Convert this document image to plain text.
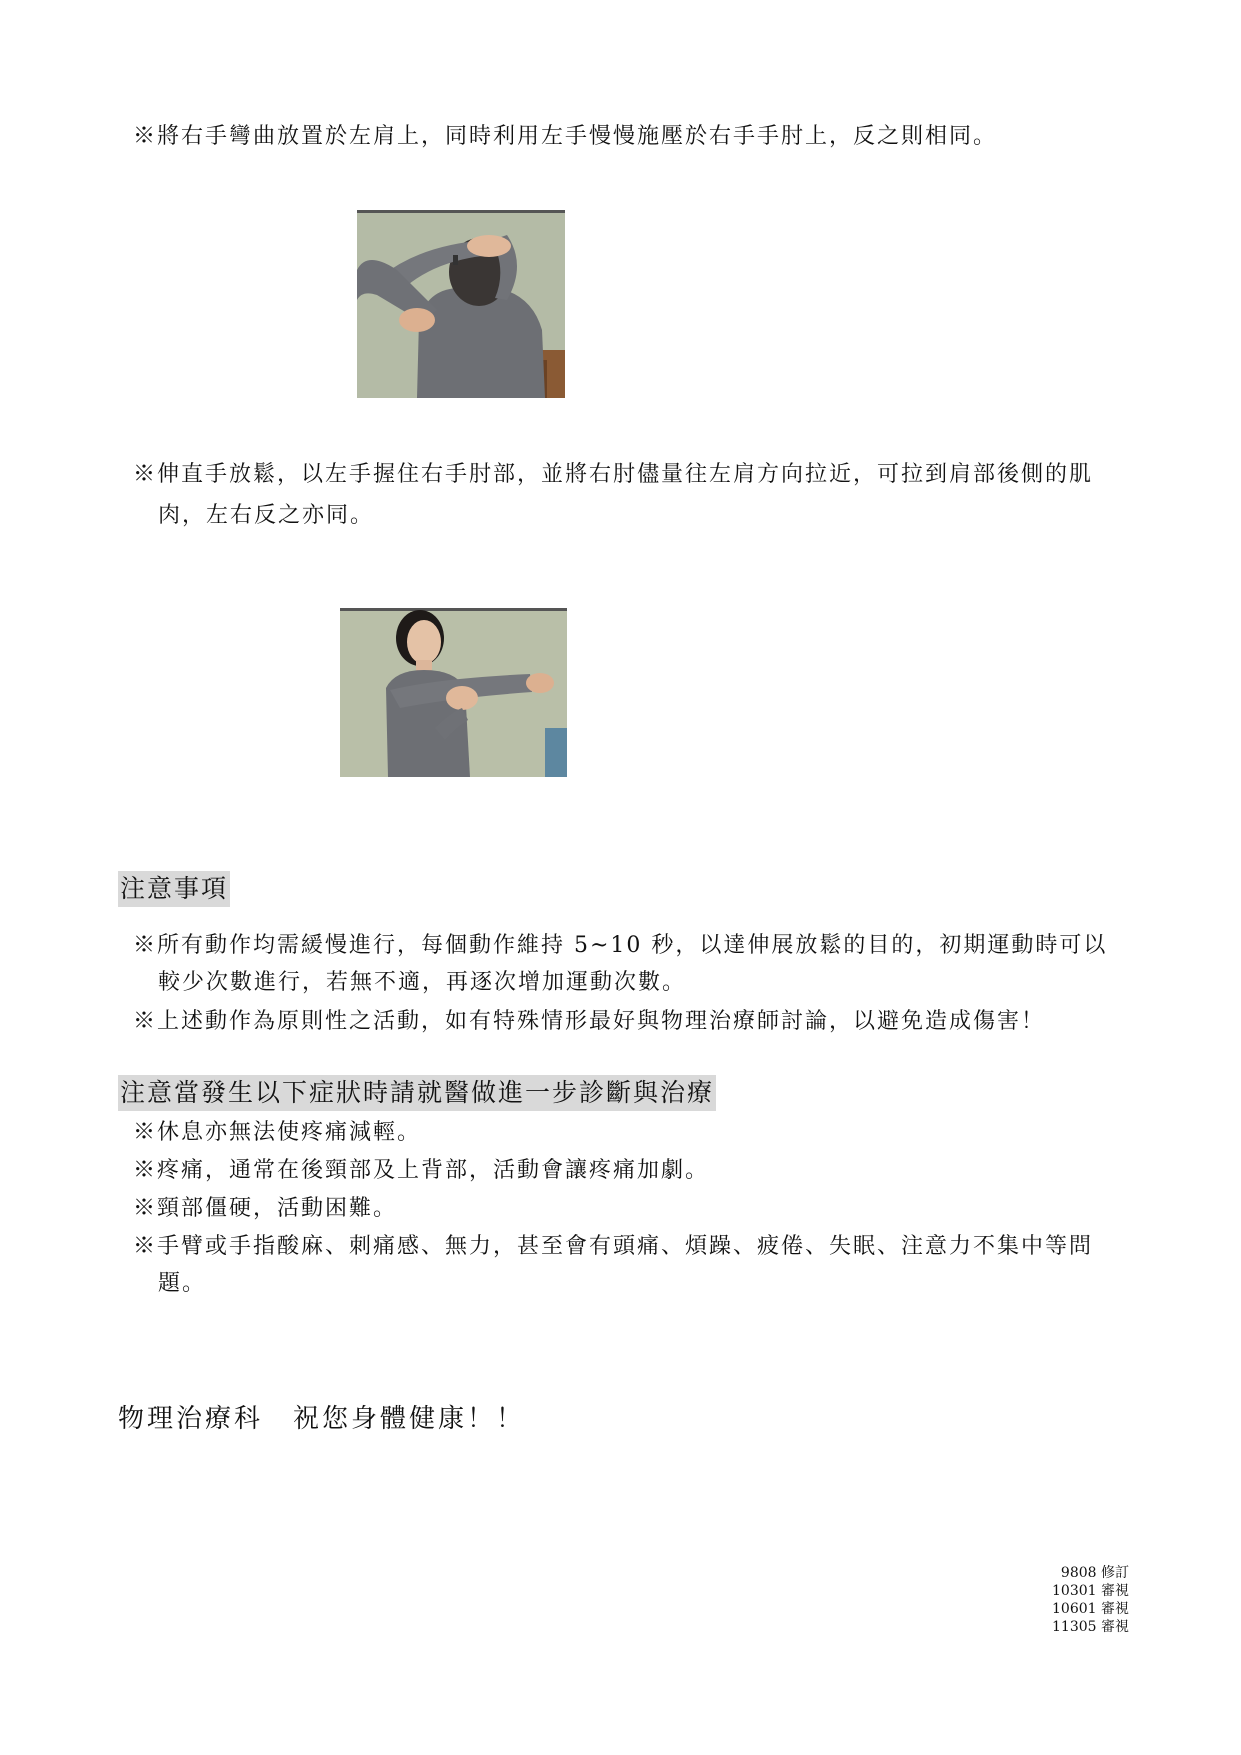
※將右手彎曲放置於左肩上，同時利用左手慢慢施壓於右手手肘上，反之則相同。
※伸直手放鬆，以左手握住右手肘部，並將右肘儘量往左肩方向拉近，可拉到肩部後側的肌
肉，左右反之亦同。
注意事項
※所有動作均需緩慢進行，每個動作維持 5~10 秒，以達伸展放鬆的目的，初期運動時可以
較少次數進行，若無不適，再逐次增加運動次數。
※上述動作為原則性之活動，如有特殊情形最好與物理治療師討論，以避免造成傷害！
注意當發生以下症狀時請就醫做進一步診斷與治療
※休息亦無法使疼痛減輕。
※疼痛，通常在後頸部及上背部，活動會讓疼痛加劇。
※頸部僵硬，活動困難。
※手臂或手指酸麻、刺痛感、無力，甚至會有頭痛、煩躁、疲倦、失眠、注意力不集中等問
題。
物理治療科 祝您身體健康！！
9808 修訂
10301 審視
10601 審視
11305 審視
